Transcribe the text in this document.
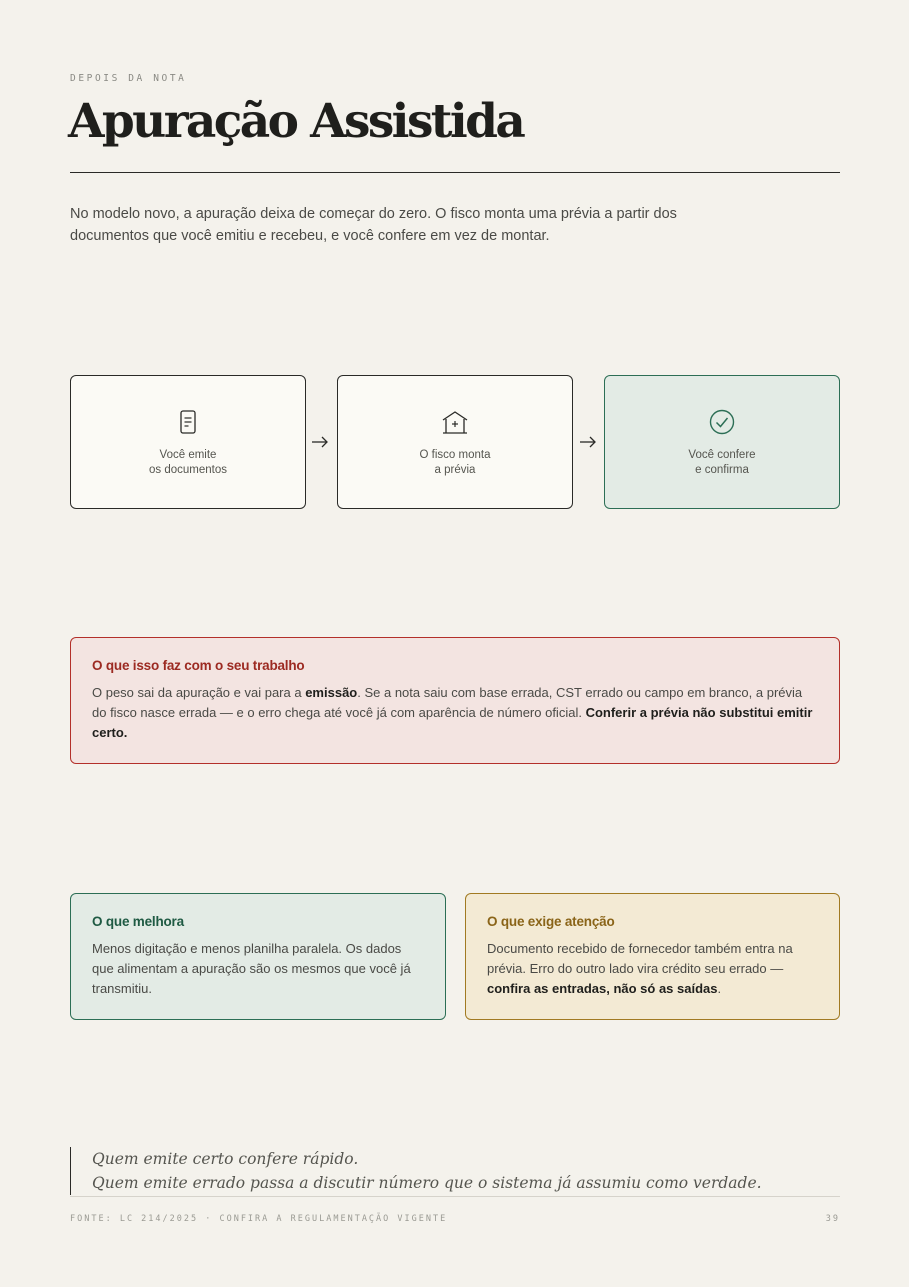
DEPOIS DA NOTA
Apuração Assistida

No modelo novo, a apuração deixa de começar do zero. O fisco monta uma prévia a partir dos documentos que você emitiu e recebeu, e você confere em vez de montar.

Você emite
os documentos
O fisco monta
a prévia
Você confere
e confirma
O que isso faz com o seu trabalho

O peso sai da apuração e vai para a emissão. Se a nota saiu com base errada, CST errado ou campo em branco, a prévia do fisco nasce errada — e o erro chega até você já com aparência de número oficial. Conferir a prévia não substitui emitir certo.

O que melhora

Menos digitação e menos planilha paralela. Os dados que alimentam a apuração são os mesmos que você já transmitiu.

O que exige atenção

Documento recebido de fornecedor também entra na prévia. Erro do outro lado vira crédito seu errado — confira as entradas, não só as saídas.

Quem emite certo confere rápido.
Quem emite errado passa a discutir número que o sistema já assumiu como verdade.
FONTE: LC 214/2025 · CONFIRA A REGULAMENTAÇÃO VIGENTE	39
